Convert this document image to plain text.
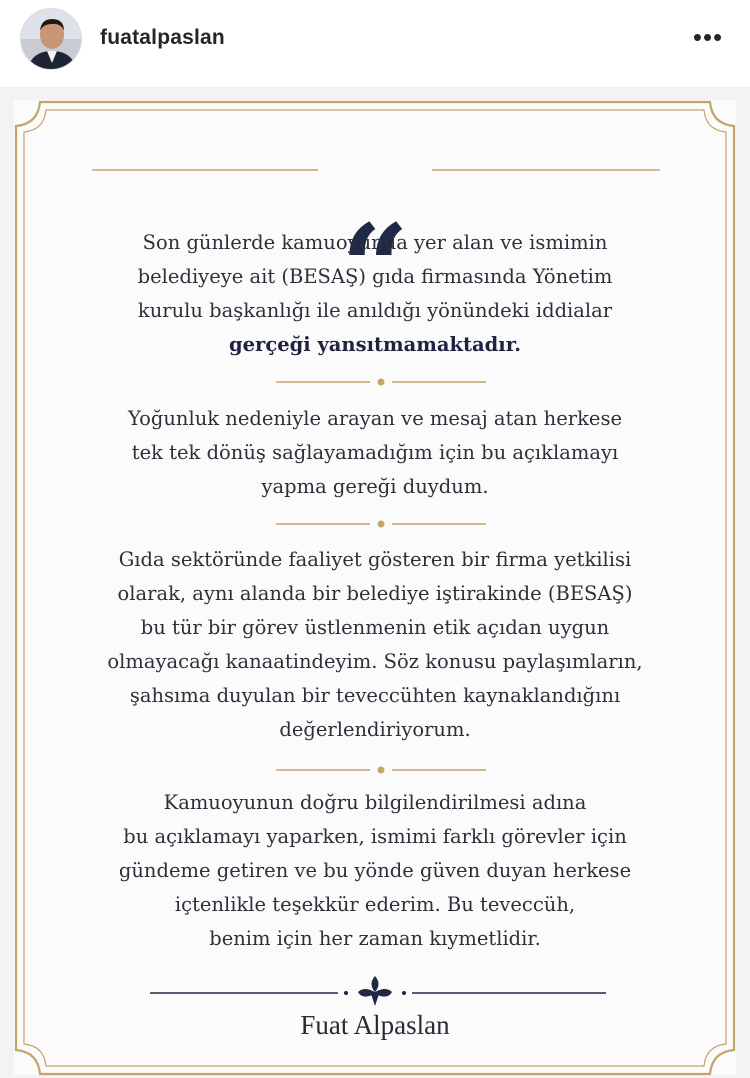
fuatalpaslan	•••
“
Son günlerde kamuoyunda yer alan ve ismimin
belediyeye ait (BESAŞ) gıda firmasında Yönetim
kurulu başkanlığı ile anıldığı yönündeki iddialar
gerçeği yansıtmamaktadır.
Yoğunluk nedeniyle arayan ve mesaj atan herkese
tek tek dönüş sağlayamadığım için bu açıklamayı
yapma gereği duydum.
Gıda sektöründe faaliyet gösteren bir firma yetkilisi
olarak, aynı alanda bir belediye iştirakinde (BESAŞ)
bu tür bir görev üstlenmenin etik açıdan uygun
olmayacağı kanaatindeyim. Söz konusu paylaşımların,
şahsıma duyulan bir teveccühten kaynaklandığını
değerlendiriyorum.
Kamuoyunun doğru bilgilendirilmesi adına
bu açıklamayı yaparken, ismimi farklı görevler için
gündeme getiren ve bu yönde güven duyan herkese
içtenlikle teşekkür ederim. Bu teveccüh,
benim için her zaman kıymetlidir.
Fuat Alpaslan
